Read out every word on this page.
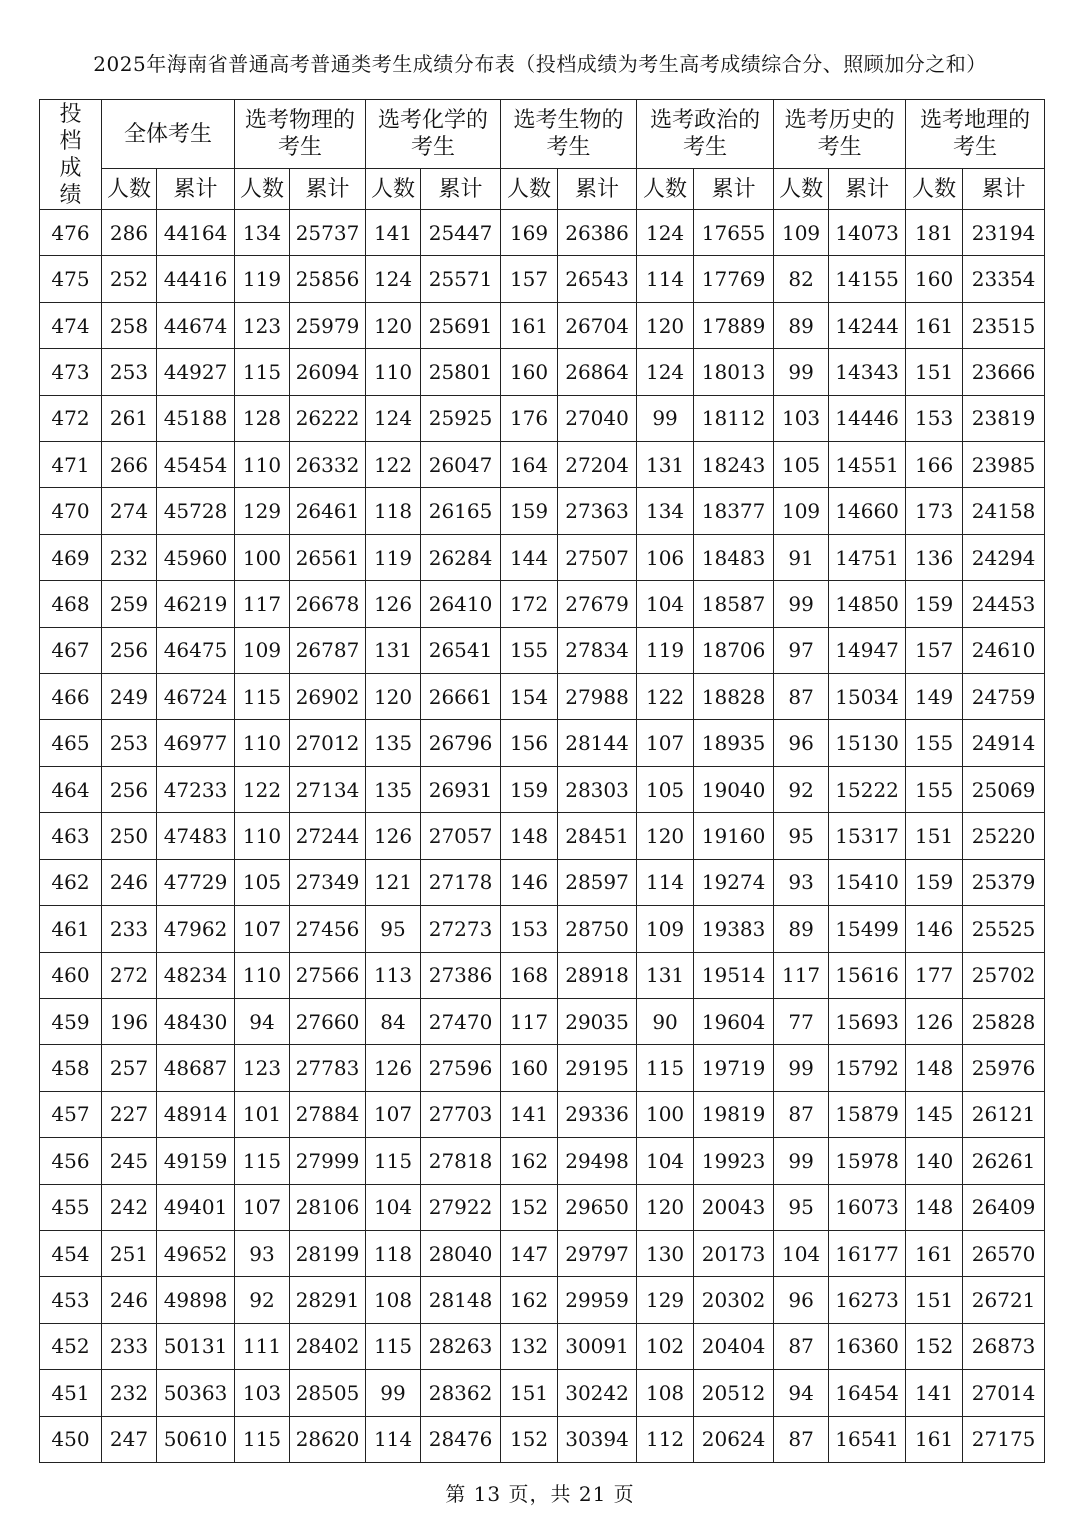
2025年海南省普通高考普通类考生成绩分布表（投档成绩为考生高考成绩综合分、照顾加分之和）
投档成绩	全体考生		选考物理的考生		选考化学的考生		选考生物的考生		选考政治的考生		选考历史的考生		选考地理的考生	
	人数	累计	人数	累计	人数	累计	人数	累计	人数	累计	人数	累计	人数	累计
476	286	44164	134	25737	141	25447	169	26386	124	17655	109	14073	181	23194
475	252	44416	119	25856	124	25571	157	26543	114	17769	82	14155	160	23354
474	258	44674	123	25979	120	25691	161	26704	120	17889	89	14244	161	23515
473	253	44927	115	26094	110	25801	160	26864	124	18013	99	14343	151	23666
472	261	45188	128	26222	124	25925	176	27040	99	18112	103	14446	153	23819
471	266	45454	110	26332	122	26047	164	27204	131	18243	105	14551	166	23985
470	274	45728	129	26461	118	26165	159	27363	134	18377	109	14660	173	24158
469	232	45960	100	26561	119	26284	144	27507	106	18483	91	14751	136	24294
468	259	46219	117	26678	126	26410	172	27679	104	18587	99	14850	159	24453
467	256	46475	109	26787	131	26541	155	27834	119	18706	97	14947	157	24610
466	249	46724	115	26902	120	26661	154	27988	122	18828	87	15034	149	24759
465	253	46977	110	27012	135	26796	156	28144	107	18935	96	15130	155	24914
464	256	47233	122	27134	135	26931	159	28303	105	19040	92	15222	155	25069
463	250	47483	110	27244	126	27057	148	28451	120	19160	95	15317	151	25220
462	246	47729	105	27349	121	27178	146	28597	114	19274	93	15410	159	25379
461	233	47962	107	27456	95	27273	153	28750	109	19383	89	15499	146	25525
460	272	48234	110	27566	113	27386	168	28918	131	19514	117	15616	177	25702
459	196	48430	94	27660	84	27470	117	29035	90	19604	77	15693	126	25828
458	257	48687	123	27783	126	27596	160	29195	115	19719	99	15792	148	25976
457	227	48914	101	27884	107	27703	141	29336	100	19819	87	15879	145	26121
456	245	49159	115	27999	115	27818	162	29498	104	19923	99	15978	140	26261
455	242	49401	107	28106	104	27922	152	29650	120	20043	95	16073	148	26409
454	251	49652	93	28199	118	28040	147	29797	130	20173	104	16177	161	26570
453	246	49898	92	28291	108	28148	162	29959	129	20302	96	16273	151	26721
452	233	50131	111	28402	115	28263	132	30091	102	20404	87	16360	152	26873
451	232	50363	103	28505	99	28362	151	30242	108	20512	94	16454	141	27014
450	247	50610	115	28620	114	28476	152	30394	112	20624	87	16541	161	27175
第 13 页，共 21 页
